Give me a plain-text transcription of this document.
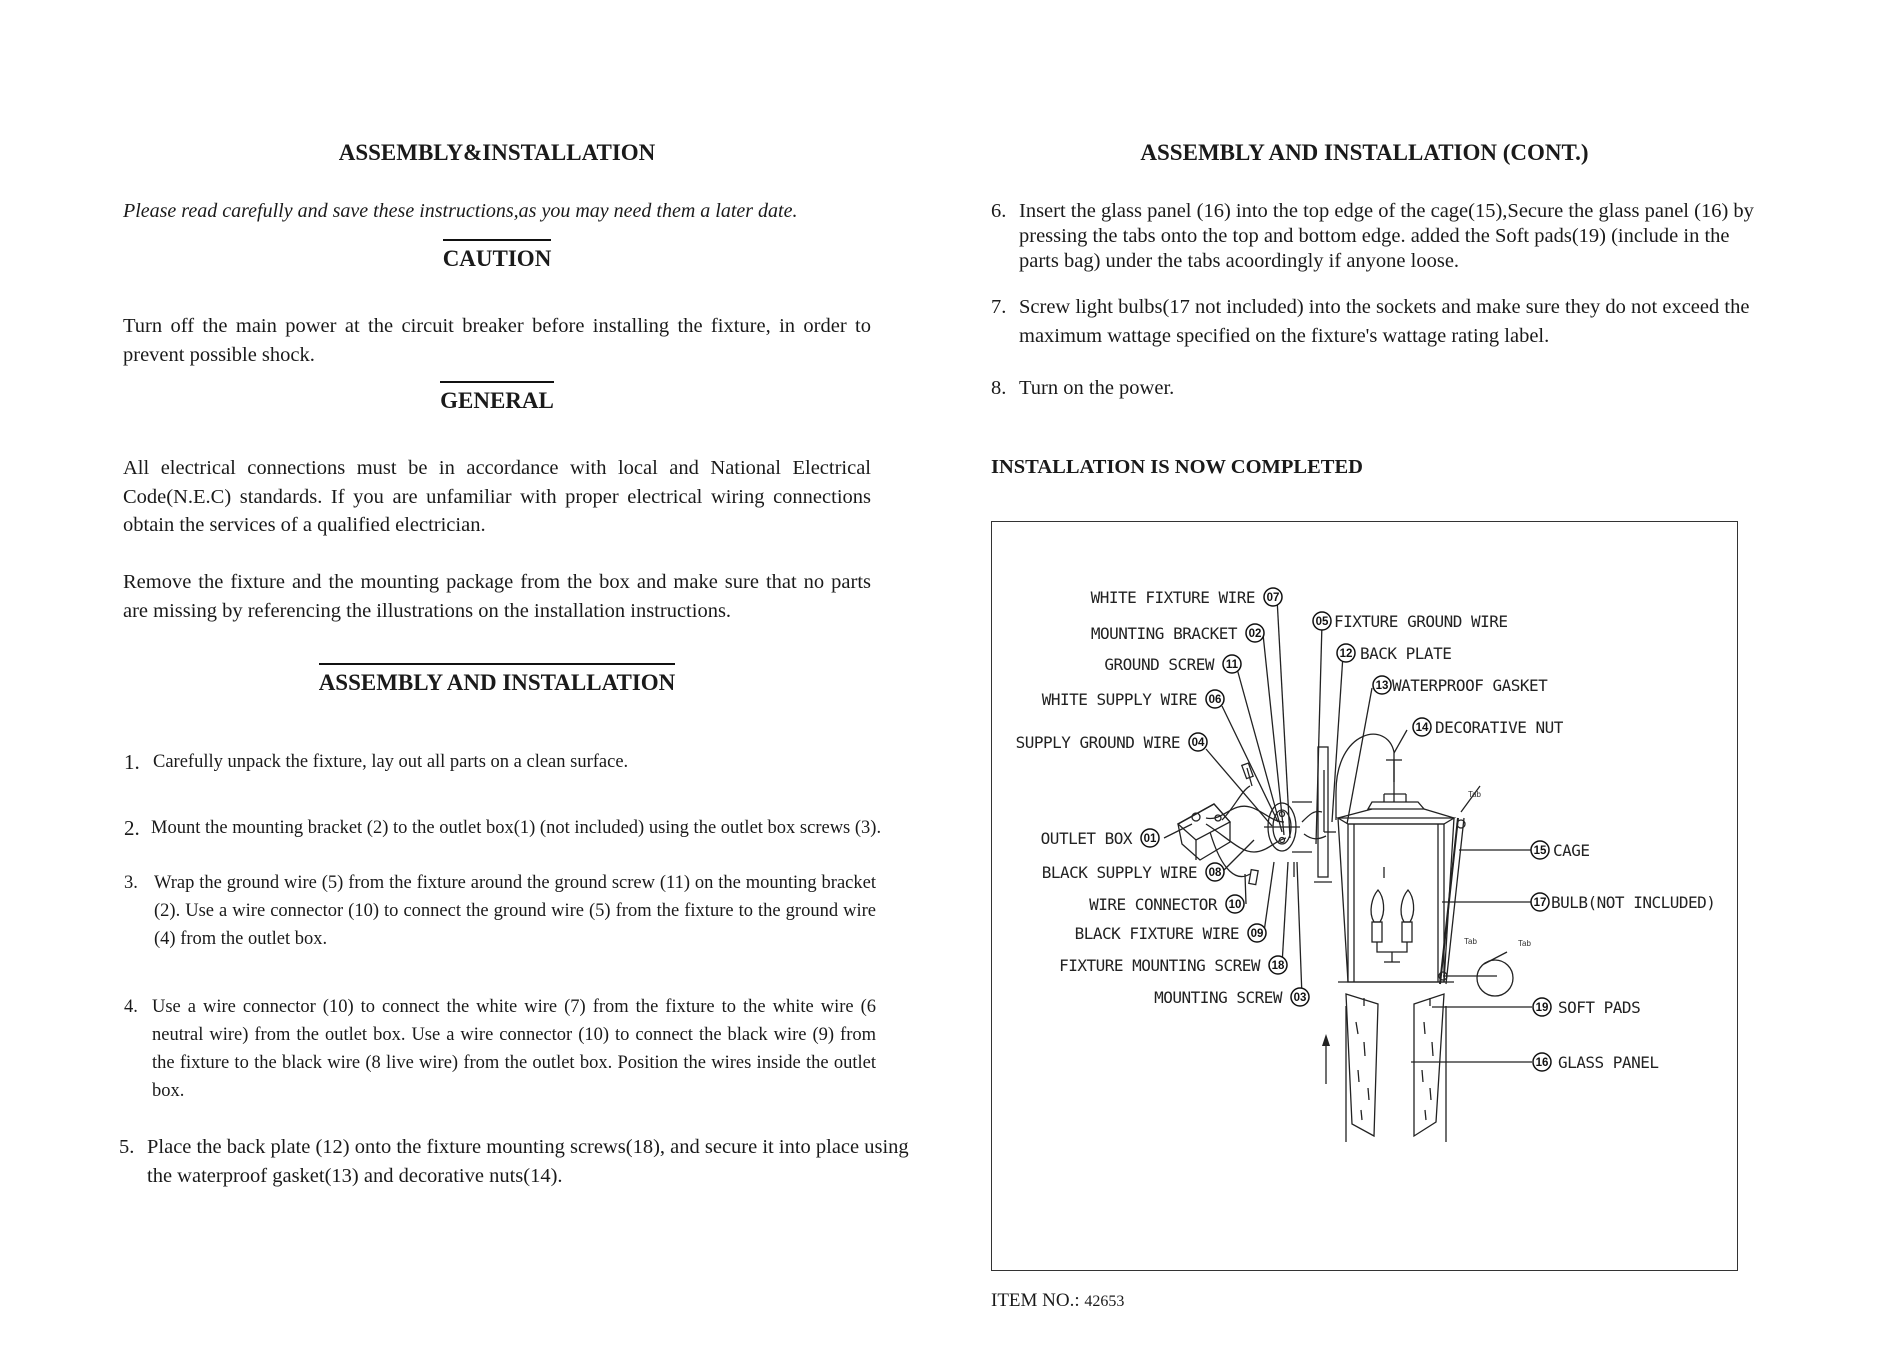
ASSEMBLY&INSTALLATION
Please read carefully and save these instructions,as you may need them a later date.
CAUTION
Turn off the main power at the circuit breaker before installing the fixture, in order to prevent possible shock.
GENERAL
All electrical connections must be in accordance with local and National Electrical Code(N.E.C) standards. If you are unfamiliar with proper electrical wiring connections obtain the services of a qualified electrician.
Remove the fixture and the mounting package from the box and make sure that no parts are missing by referencing the illustrations on the installation instructions.
ASSEMBLY AND INSTALLATION
1. Carefully unpack the fixture, lay out all parts on a clean surface.
2. Mount the mounting bracket (2) to the outlet box(1) (not included) using the outlet box screws (3).
3. Wrap the ground wire (5) from the fixture around the ground screw (11) on the mounting bracket (2). Use a wire connector (10) to connect the ground wire (5) from the fixture to the ground wire (4) from the outlet box.
4. Use a wire connector (10) to connect the white wire (7) from the fixture to the white wire (6 neutral wire) from the outlet box. Use a wire connector (10) to connect the black wire (9) from the fixture to the black wire (8 live wire) from the outlet box. Position the wires inside the outlet box.
5. Place the back plate (12) onto the fixture mounting screws(18), and secure it into place using the waterproof gasket(13) and decorative nuts(14).
ASSEMBLY AND INSTALLATION (CONT.)
6. Insert the glass panel (16) into the top edge of the cage(15),Secure the glass panel (16) by pressing the tabs onto the top and bottom edge. added the Soft pads(19) (include in the parts bag) under the tabs acoordingly if anyone loose.
7. Screw light bulbs(17 not included) into the sockets and make sure they do not exceed the maximum wattage specified on the fixture's wattage rating label.
8. Turn on the power.
INSTALLATION IS NOW COMPLETED
Tab
Tab	Tab
WHITE FIXTURE WIRE 07
MOUNTING BRACKET 02
GROUND SCREW 11
WHITE SUPPLY WIRE 06
SUPPLY GROUND WIRE 04
OUTLET BOX 01
BLACK SUPPLY WIRE 08
WIRE CONNECTOR 10
BLACK FIXTURE WIRE 09
FIXTURE MOUNTING SCREW 18
MOUNTING SCREW 03
05 FIXTURE GROUND WIRE
12 BACK PLATE
13 WATERPROOF GASKET
14 DECORATIVE NUT
15 CAGE
17 BULB(NOT INCLUDED)
19 SOFT PADS
16 GLASS PANEL
ITEM NO.: 42653
